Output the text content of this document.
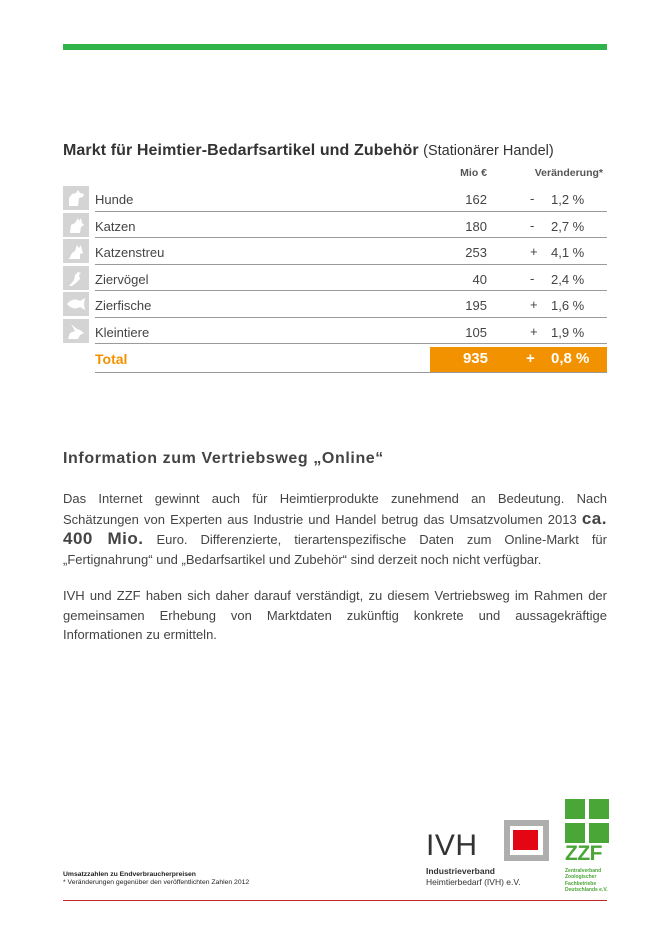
Markt für Heimtier-Bedarfsartikel und Zubehör (Stationärer Handel)
Mio €	Veränderung*
Hunde	162	- 1,2 %
Katzen	180	- 2,7 %
Katzenstreu	253	+ 4,1 %
Ziervögel	40	- 2,4 %
Zierfische	195	+ 1,6 %
Kleintiere	105	+ 1,9 %
Total	935	+ 0,8 %
Information zum Vertriebsweg „Online“
Das Internet gewinnt auch für Heimtierprodukte zunehmend an Bedeutung. Nach Schätzungen von Experten aus Industrie und Handel betrug das Umsatzvolumen 2013 ca. 400 Mio. Euro. Differenzierte, tierartenspezifische Daten zum Online-Markt für „Fertignahrung“ und „Bedarfsartikel und Zubehör“ sind derzeit noch nicht verfügbar.
IVH und ZZF haben sich daher darauf verständigt, zu diesem Vertriebsweg im Rahmen der gemeinsamen Erhebung von Marktdaten zukünftig konkrete und aussagekräftige Informationen zu ermitteln.
Umsatzzahlen zu Endverbraucherpreisen
* Veränderungen gegenüber den veröffentlichten Zahlen 2012
IVH
Industrieverband
Heimtierbedarf (IVH) e.V.
ZZF
Zentralverband
Zoologischer
Fachbetriebe
Deutschlands e.V.
